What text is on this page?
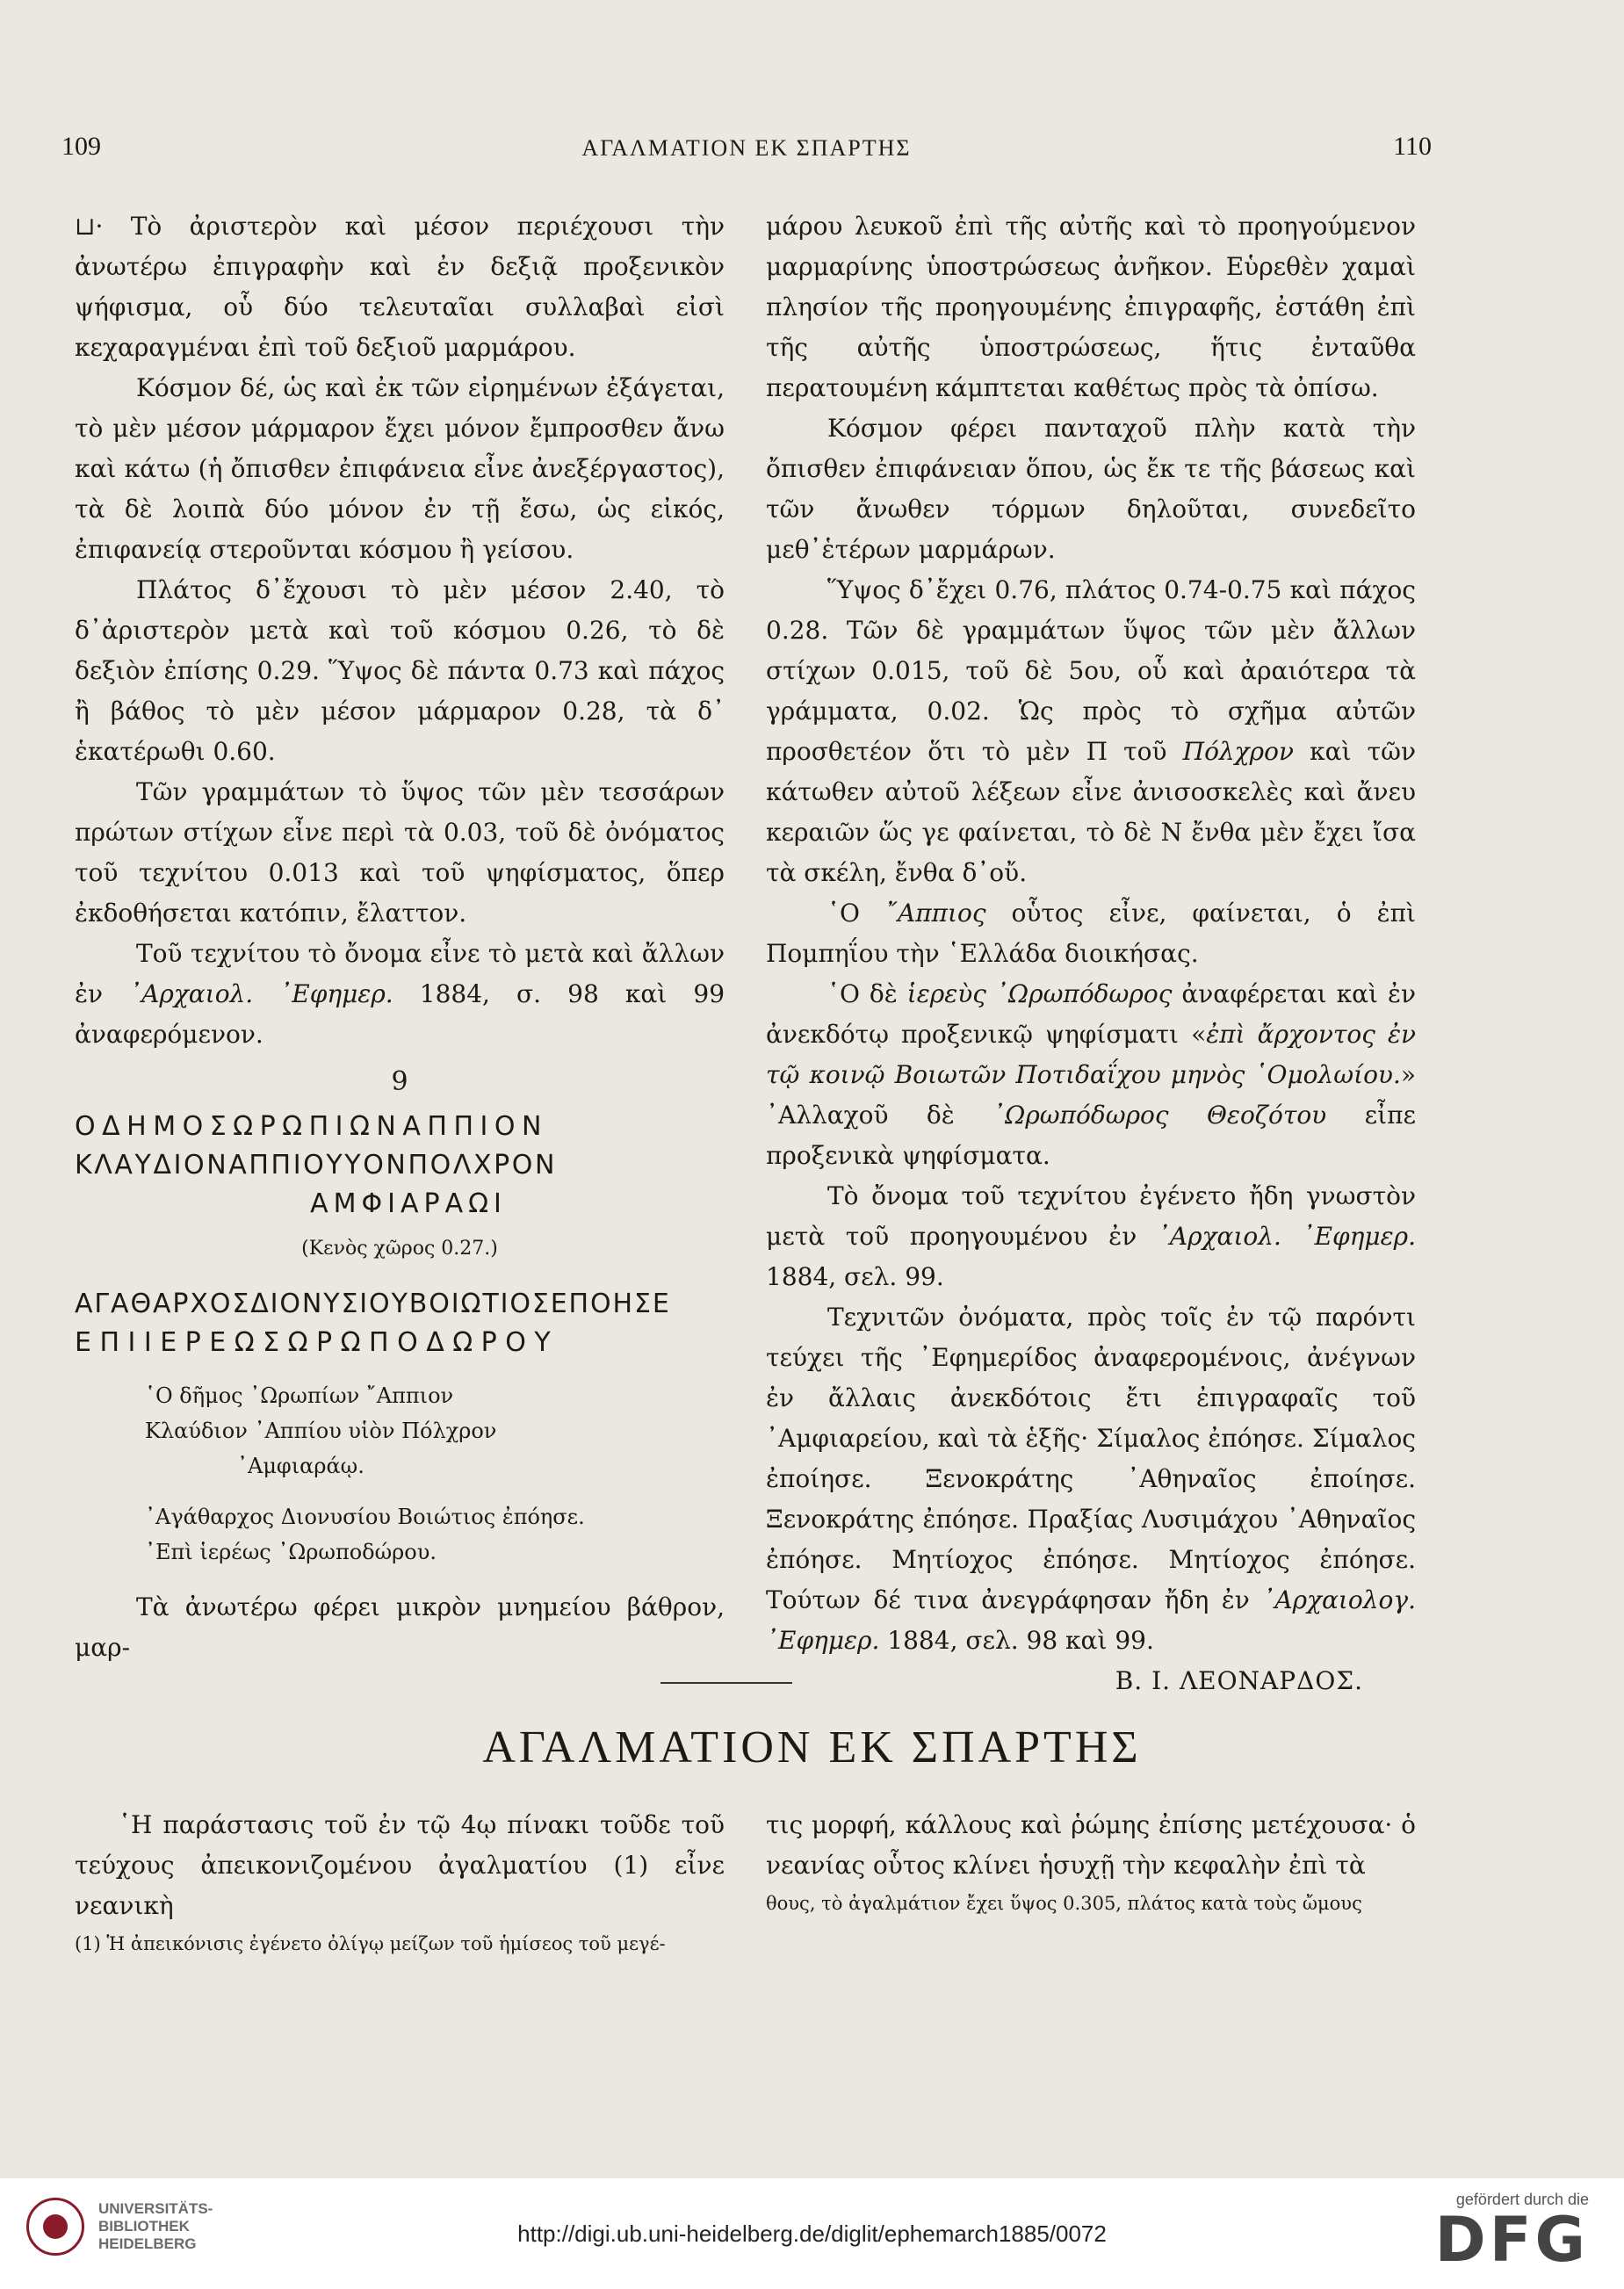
109	ΑΓΑΛΜΑΤΙΟΝ ΕΚ ΣΠΑΡΤΗΣ	110

⊔· Τὸ ἀριστερὸν καὶ μέσον περιέχουσι τὴν ἀνωτέρω ἐπιγραφὴν καὶ ἐν δεξιᾷ προξενικὸν ψήφισμα, οὗ δύο τελευταῖαι συλλαβαὶ εἰσὶ κεχαραγμέναι ἐπὶ τοῦ δεξιοῦ μαρμάρου.

Κόσμον δέ, ὡς καὶ ἐκ τῶν εἰρημένων ἐξάγεται, τὸ μὲν μέσον μάρμαρον ἔχει μόνον ἔμπροσθεν ἄνω καὶ κάτω (ἡ ὄπισθεν ἐπιφάνεια εἶνε ἀνεξέργαστος), τὰ δὲ λοιπὰ δύο μόνον ἐν τῇ ἔσω, ὡς εἰκός, ἐπιφανείᾳ στεροῦνται κόσμου ἢ γείσου.

Πλάτος δ᾽ἔχουσι τὸ μὲν μέσον 2.40, τὸ δ᾽ἀριστερὸν μετὰ καὶ τοῦ κόσμου 0.26, τὸ δὲ δεξιὸν ἐπίσης 0.29. Ὕψος δὲ πάντα 0.73 καὶ πάχος ἢ βάθος τὸ μὲν μέσον μάρμαρον 0.28, τὰ δ᾽ ἑκατέρωθι 0.60.

Τῶν γραμμάτων τὸ ὕψος τῶν μὲν τεσσάρων πρώτων στίχων εἶνε περὶ τὰ 0.03, τοῦ δὲ ὀνόματος τοῦ τεχνίτου 0.013 καὶ τοῦ ψηφίσματος, ὅπερ ἐκδοθήσεται κατόπιν, ἔλαττον.

Τοῦ τεχνίτου τὸ ὄνομα εἶνε τὸ μετὰ καὶ ἄλλων ἐν ᾽Αρχαιολ. ᾽Εφημερ. 1884, σ. 98 καὶ 99 ἀναφερόμενον.

9
ΟΔΗΜΟΣΩΡΩΠΙΩΝΑΠΠΙΟΝ
ΚΛΑΥΔΙΟΝΑΠΠΙΟΥΥΟΝΠΟΛΧΡΟΝ
ΑΜΦΙΑΡΑΩΙ
(Κενὸς χῶρος 0.27.)
ΑΓΑΘΑΡΧΟΣΔΙΟΝΥΣΙΟΥΒΟΙΩΤΙΟΣΕΠΟΗΣΕ
ΕΠΙΙΕΡΕΩΣΩΡΩΠΟΔΩΡΟΥ
῾Ο δῆμος ᾽Ωρωπίων ῎Αππιον
Κλαύδιον ᾽Αππίου υἱὸν Πόλχρον
᾽Αμφιαράῳ.
᾽Αγάθαρχος Διονυσίου Βοιώτιος ἐπόησε.
᾽Επὶ ἱερέως ᾽Ωρωποδώρου.

Τὰ ἀνωτέρω φέρει μικρὸν μνημείου βάθρον, μαρ-

μάρου λευκοῦ ἐπὶ τῆς αὐτῆς καὶ τὸ προηγούμενον μαρμαρίνης ὑποστρώσεως ἀνῆκον. Εὑρεθὲν χαμαὶ πλησίον τῆς προηγουμένης ἐπιγραφῆς, ἐστάθη ἐπὶ τῆς αὐτῆς ὑποστρώσεως, ἥτις ἐνταῦθα περατουμένη κάμπτεται καθέτως πρὸς τὰ ὀπίσω.

Κόσμον φέρει πανταχοῦ πλὴν κατὰ τὴν ὄπισθεν ἐπιφάνειαν ὅπου, ὡς ἔκ τε τῆς βάσεως καὶ τῶν ἄνωθεν τόρμων δηλοῦται, συνεδεῖτο μεθ᾽ἑτέρων μαρμάρων.

Ὕψος δ᾽ἔχει 0.76, πλάτος 0.74-0.75 καὶ πάχος 0.28. Τῶν δὲ γραμμάτων ὕψος τῶν μὲν ἄλλων στίχων 0.015, τοῦ δὲ 5ου, οὗ καὶ ἀραιότερα τὰ γράμματα, 0.02. Ὡς πρὸς τὸ σχῆμα αὐτῶν προσθετέον ὅτι τὸ μὲν Π τοῦ Πόλχρον καὶ τῶν κάτωθεν αὐτοῦ λέξεων εἶνε ἀνισοσκελὲς καὶ ἄνευ κεραιῶν ὥς γε φαίνεται, τὸ δὲ Ν ἔνθα μὲν ἔχει ἴσα τὰ σκέλη, ἔνθα δ᾽οὔ.

῾Ο ῎Αππιος οὗτος εἶνε, φαίνεται, ὁ ἐπὶ Πομπηΐου τὴν ῾Ελλάδα διοικήσας.

῾Ο δὲ ἱερεὺς ᾽Ωρωπόδωρος ἀναφέρεται καὶ ἐν ἀνεκδότῳ προξενικῷ ψηφίσματι «ἐπὶ ἄρχοντος ἐν τῷ κοινῷ Βοιωτῶν Ποτιδαΐχου μηνὸς ῾Ομολωίου.» ᾽Αλλαχοῦ δὲ ᾽Ωρωπόδωρος Θεοζότου εἶπε προξενικὰ ψηφίσματα.

Τὸ ὄνομα τοῦ τεχνίτου ἐγένετο ἤδη γνωστὸν μετὰ τοῦ προηγουμένου ἐν ᾽Αρχαιολ. ᾽Εφημερ. 1884, σελ. 99.

Τεχνιτῶν ὀνόματα, πρὸς τοῖς ἐν τῷ παρόντι τεύχει τῆς ᾽Εφημερίδος ἀναφερομένοις, ἀνέγνων ἐν ἄλλαις ἀνεκδότοις ἔτι ἐπιγραφαῖς τοῦ ᾽Αμφιαρείου, καὶ τὰ ἑξῆς· Σίμαλος ἐπόησε. Σίμαλος ἐποίησε. Ξενοκράτης ᾽Αθηναῖος ἐποίησε. Ξενοκράτης ἐπόησε. Πραξίας Λυσιμάχου ᾽Αθηναῖος ἐπόησε. Μητίοχος ἐπόησε. Μητίοχος ἐπόησε. Τούτων δέ τινα ἀνεγράφησαν ἤδη ἐν ᾽Αρχαιολογ. ᾽Εφημερ. 1884, σελ. 98 καὶ 99.

Β. Ι. ΛΕΟΝΑΡΔΟΣ.
ΑΓΑΛΜΑΤΙΟΝ ΕΚ ΣΠΑΡΤΗΣ

῾Η παράστασις τοῦ ἐν τῷ 4ῳ πίνακι τοῦδε τοῦ τεύχους ἀπεικονιζομένου ἀγαλματίου (1) εἶνε νεανικὴ

(1) Ἡ ἀπεικόνισις ἐγένετο ὀλίγῳ μείζων τοῦ ἡμίσεος τοῦ μεγέ-

τις μορφή, κάλλους καὶ ῥώμης ἐπίσης μετέχουσα· ὁ νεανίας οὗτος κλίνει ἡσυχῇ τὴν κεφαλὴν ἐπὶ τὰ

θους, τὸ ἀγαλμάτιον ἔχει ὕψος 0.305, πλάτος κατὰ τοὺς ὤμους

UNIVERSITÄTS-
BIBLIOTHEK
HEIDELBERG	http://digi.ub.uni-heidelberg.de/diglit/ephemarch1885/0072
gefördert durch die
DFG
